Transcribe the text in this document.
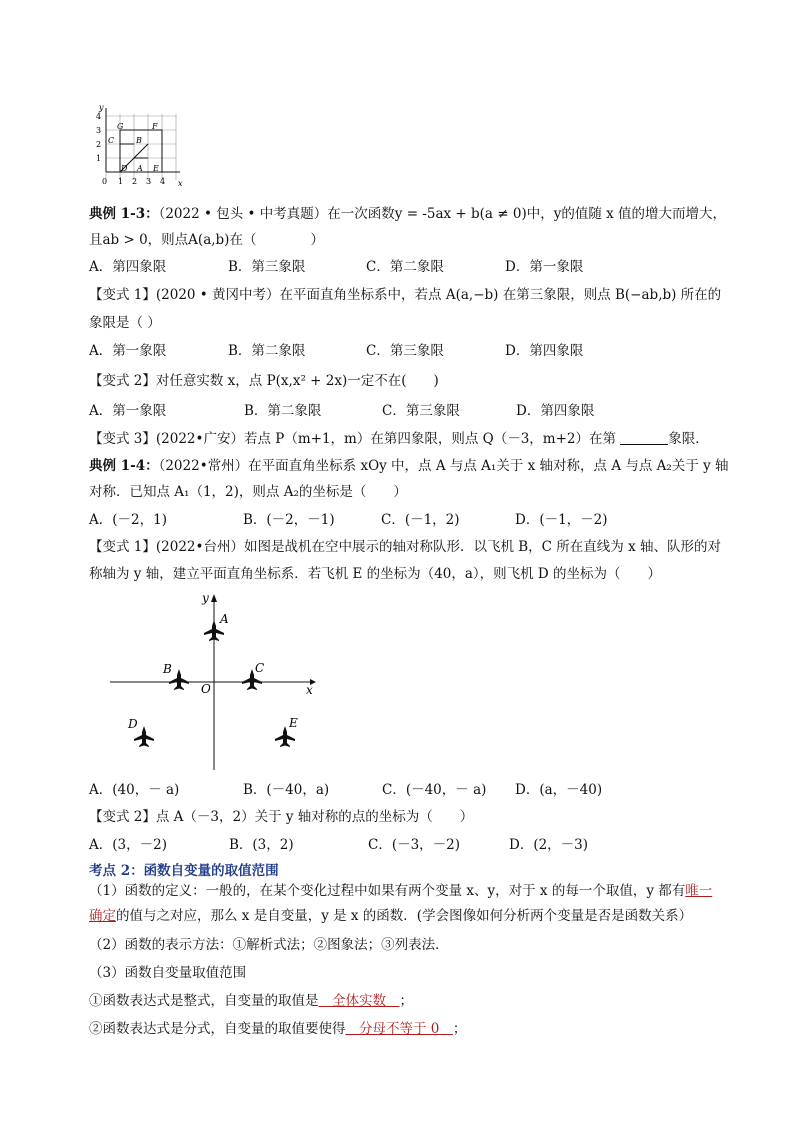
y
x
4
3
2
1
0 1 2 3 4
G	F
C	B
D A E
典例 1-3：（2022 • 包头 • 中考真题）在一次函数y = -5ax + b(a ≠ 0)中，y的值随 x 值的增大而增大，
且ab > 0，则点A(a,b)在（　　　　）
A．第四象限	B．第三象限	C．第二象限	D．第一象限
【变式 1】(2020 • 黄冈中考）在平面直角坐标系中，若点 A(a,−b) 在第三象限，则点 B(−ab,b) 所在的
象限是（ ）
A．第一象限	B．第二象限	C．第三象限	D．第四象限
【变式 2】对任意实数 x，点 P(x,x² + 2x)一定不在(　　)
A．第一象限	B．第二象限	C．第三象限	D．第四象限
【变式 3】(2022•广安）若点 P（m+1，m）在第四象限，则点 Q（－3，m+2）在第	象限．
典例 1-4：（2022•常州）在平面直角坐标系 xOy 中，点 A 与点 A₁关于 x 轴对称，点 A 与点 A₂关于 y 轴
对称．已知点 A₁（1，2)，则点 A₂的坐标是（　　）
A．(－2，1)	B．(－2，－1)	C．(－1，2)	D．(－1，－2)
【变式 1】(2022•台州）如图是战机在空中展示的轴对称队形．以飞机 B，C 所在直线为 x 轴、队形的对
称轴为 y 轴，建立平面直角坐标系．若飞机 E 的坐标为（40，a），则飞机 D 的坐标为（　　）
y
x
O
A
B	C
D	E
A．(40，－ a)	B．(－40，a)	C．(－40，－ a) D．(a，－40)
【变式 2】点 A（－3，2）关于 y 轴对称的点的坐标为（　　）
A．(3，－2)	B．(3，2)	C．(－3，－2)	D．(2，－3)
考点 2：函数自变量的取值范围
（1）函数的定义：一般的，在某个变化过程中如果有两个变量 x、y，对于 x 的每一个取值，y 都有唯一
确定的值与之对应，那么 x 是自变量，y 是 x 的函数．(学会图像如何分析两个变量是否是函数关系）
（2）函数的表示方法：①解析式法；②图象法；③列表法．
（3）函数自变量取值范围
①函数表达式是整式，自变量的取值是　全体实数　；
②函数表达式是分式，自变量的取值要使得　分母不等于 0　；
